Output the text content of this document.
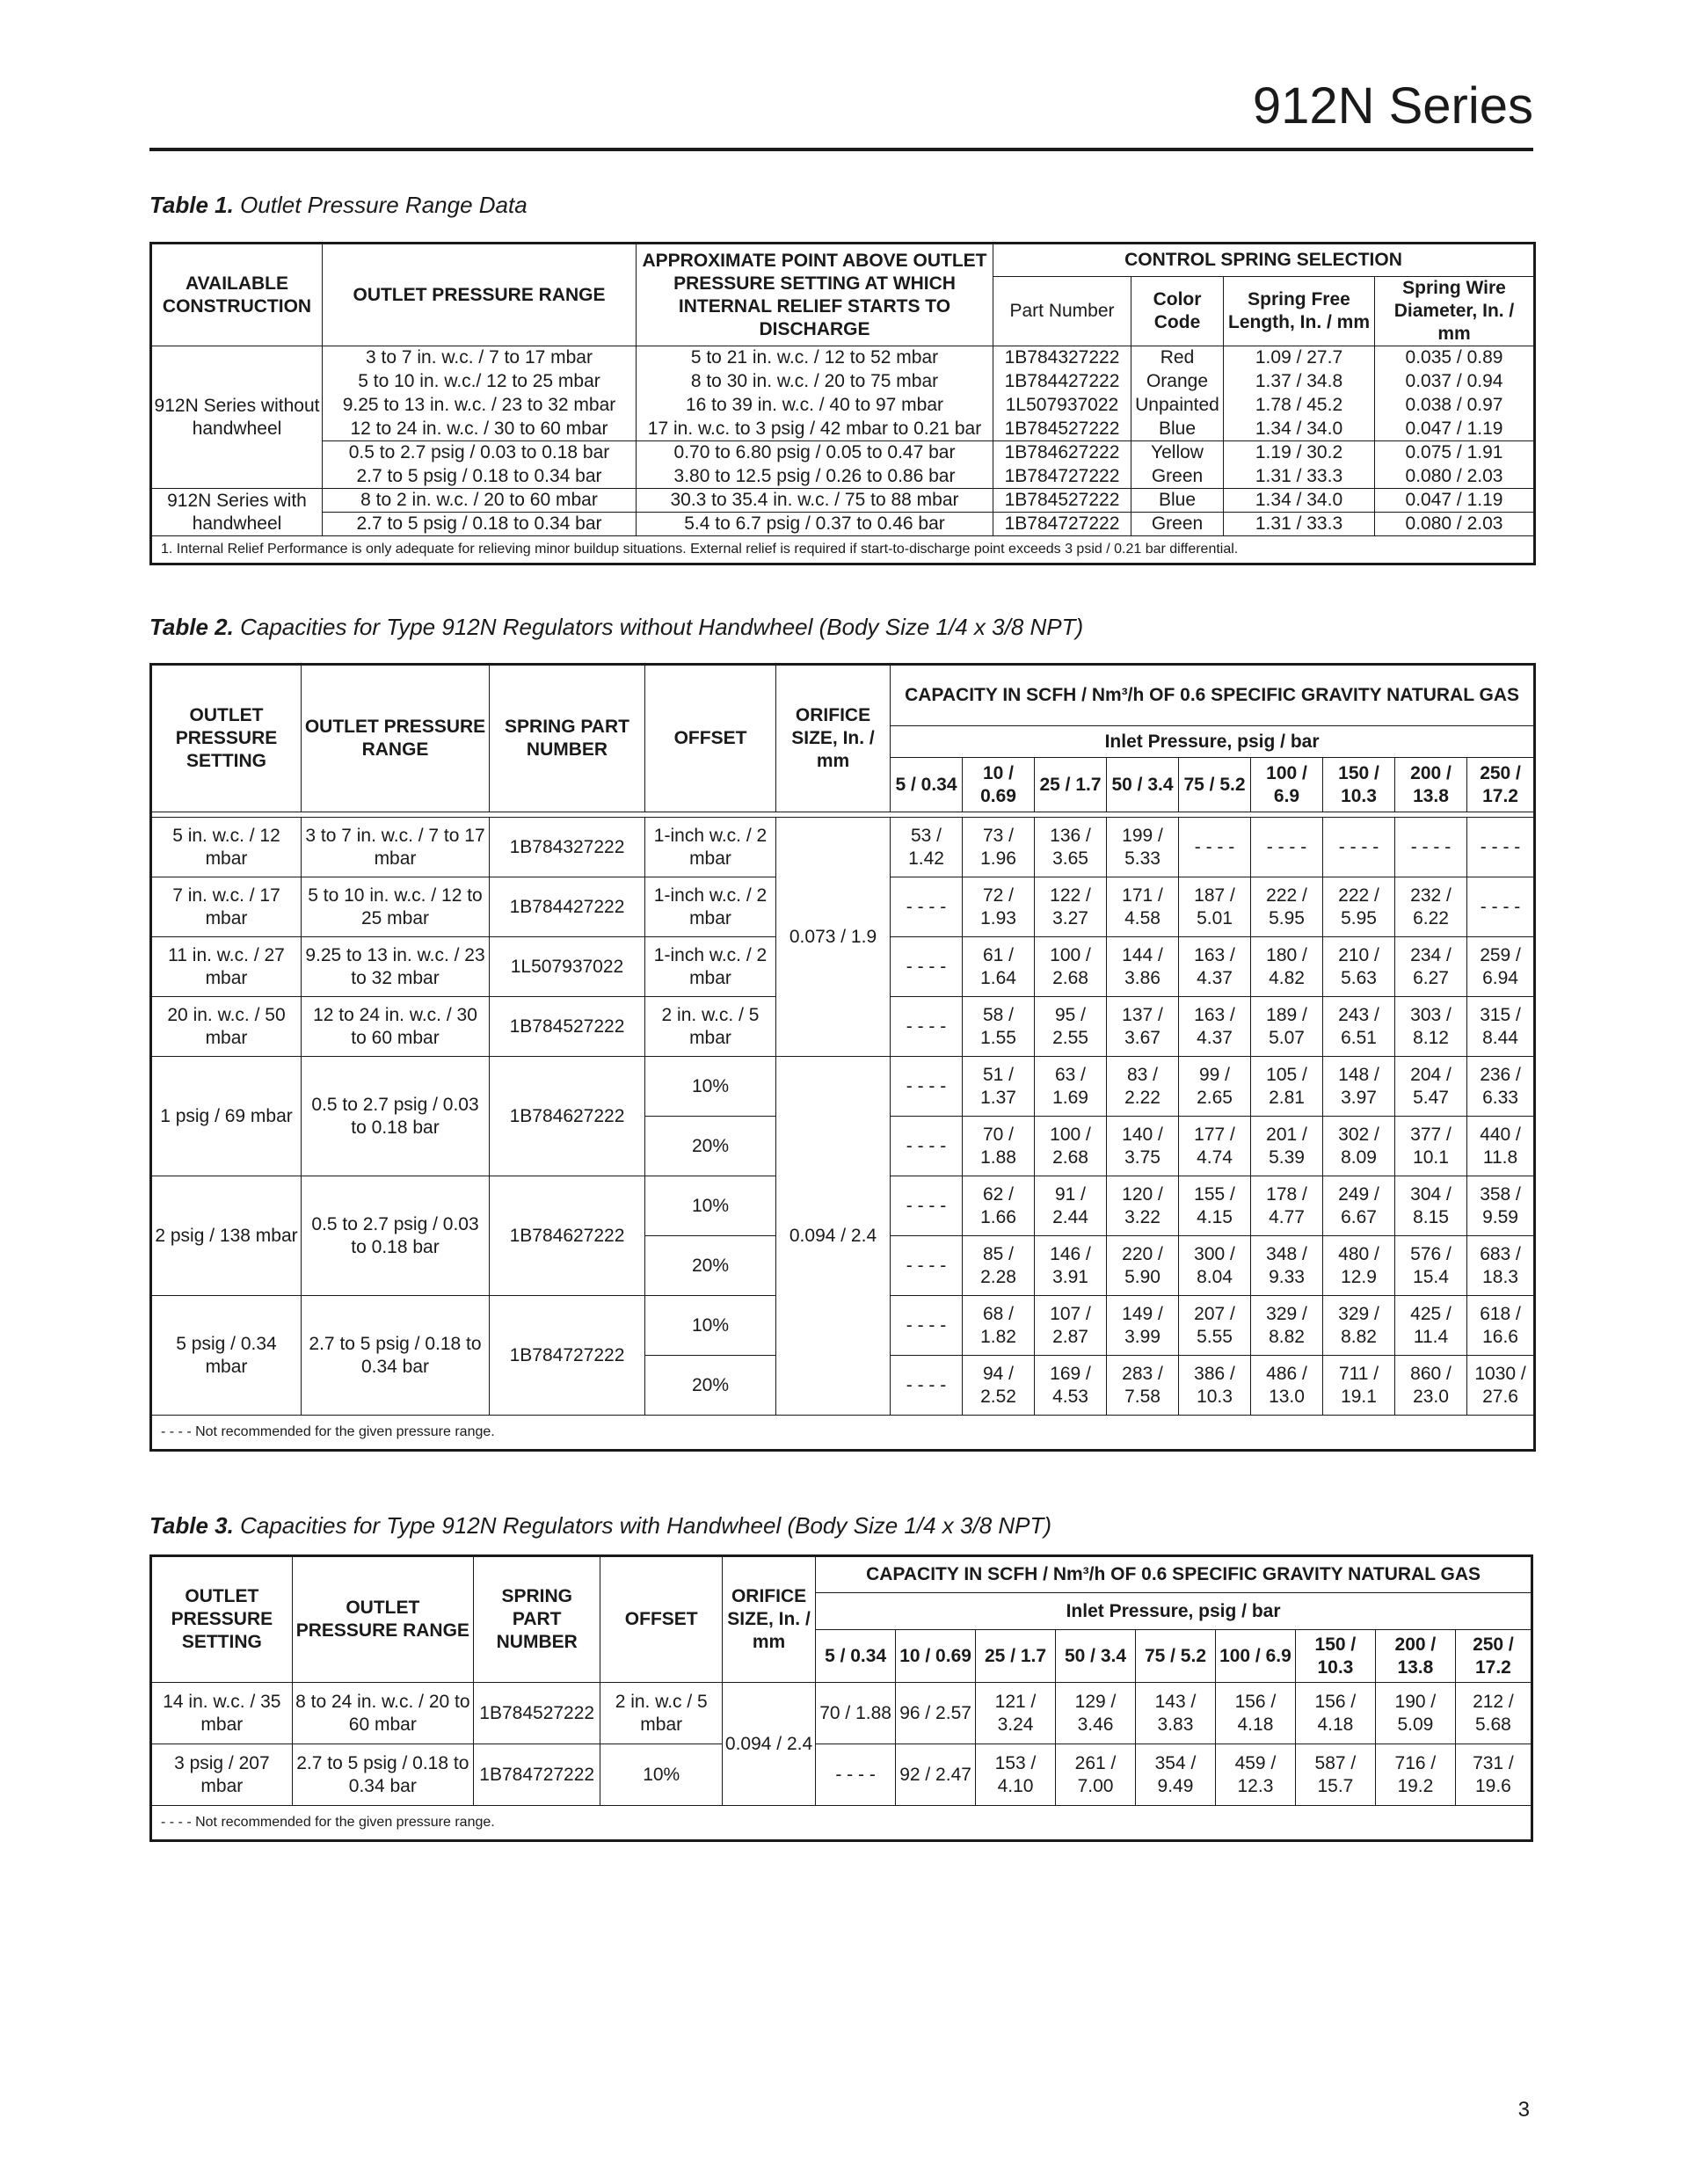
912N Series
Table 1. Outlet Pressure Range Data
AVAILABLE CONSTRUCTION	OUTLET PRESSURE RANGE	APPROXIMATE POINT ABOVE OUTLET PRESSURE SETTING AT WHICH INTERNAL RELIEF STARTS TO DISCHARGE	CONTROL SPRING SELECTION			
			Part Number	Color Code	Spring Free Length, In. / mm	Spring Wire Diameter, In. / mm
912N Series without handwheel	3 to 7 in. w.c. / 7 to 17 mbar	5 to 21 in. w.c. / 12 to 52 mbar	1B784327222	Red	1.09 / 27.7	0.035 / 0.89
	5 to 10 in. w.c./ 12 to 25 mbar	8 to 30 in. w.c. / 20 to 75 mbar	1B784427222	Orange	1.37 / 34.8	0.037 / 0.94
	9.25 to 13 in. w.c. / 23 to 32 mbar	16 to 39 in. w.c. / 40 to 97 mbar	1L507937022	Unpainted	1.78 / 45.2	0.038 / 0.97
	12 to 24 in. w.c. / 30 to 60 mbar	17 in. w.c. to 3 psig / 42 mbar to 0.21 bar	1B784527222	Blue	1.34 / 34.0	0.047 / 1.19
	0.5 to 2.7 psig / 0.03 to 0.18 bar	0.70 to 6.80 psig / 0.05 to 0.47 bar	1B784627222	Yellow	1.19 / 30.2	0.075 / 1.91
	2.7 to 5 psig / 0.18 to 0.34 bar	3.80 to 12.5 psig / 0.26 to 0.86 bar	1B784727222	Green	1.31 / 33.3	0.080 / 2.03
912N Series with handwheel	8 to 2 in. w.c. / 20 to 60 mbar	30.3 to 35.4 in. w.c. / 75 to 88 mbar	1B784527222	Blue	1.34 / 34.0	0.047 / 1.19
	2.7 to 5 psig / 0.18 to 0.34 bar	5.4 to 6.7 psig / 0.37 to 0.46 bar	1B784727222	Green	1.31 / 33.3	0.080 / 2.03
1. Internal Relief Performance is only adequate for relieving minor buildup situations. External relief is required if start-to-discharge point exceeds 3 psid / 0.21 bar differential.						
Table 2. Capacities for Type 912N Regulators without Handwheel (Body Size 1/4 x 3/8 NPT)
OUTLET PRESSURE SETTING	OUTLET PRESSURE RANGE	SPRING PART NUMBER	OFFSET	ORIFICE SIZE, In. / mm	CAPACITY IN SCFH / Nm³/h OF 0.6 SPECIFIC GRAVITY NATURAL GAS								
					Inlet Pressure, psig / bar								
					5 / 0.34	10 / 0.69	25 / 1.7	50 / 3.4	75 / 5.2	100 / 6.9	150 / 10.3	200 / 13.8	250 / 17.2

5 in. w.c. / 12 mbar	3 to 7 in. w.c. / 7 to 17 mbar	1B784327222	1-inch w.c. / 2 mbar	0.073 / 1.9	53 / 1.42	73 / 1.96	136 / 3.65	199 / 5.33	- - - -	- - - -	- - - -	- - - -	- - - -
7 in. w.c. / 17 mbar	5 to 10 in. w.c. / 12 to 25 mbar	1B784427222	1-inch w.c. / 2 mbar		- - - -	72 / 1.93	122 / 3.27	171 / 4.58	187 / 5.01	222 / 5.95	222 / 5.95	232 / 6.22	- - - -
11 in. w.c. / 27 mbar	9.25 to 13 in. w.c. / 23 to 32 mbar	1L507937022	1-inch w.c. / 2 mbar		- - - -	61 / 1.64	100 / 2.68	144 / 3.86	163 / 4.37	180 / 4.82	210 / 5.63	234 / 6.27	259 / 6.94
20 in. w.c. / 50 mbar	12 to 24 in. w.c. / 30 to 60 mbar	1B784527222	2 in. w.c. / 5 mbar		- - - -	58 / 1.55	95 / 2.55	137 / 3.67	163 / 4.37	189 / 5.07	243 / 6.51	303 / 8.12	315 / 8.44
1 psig / 69 mbar	0.5 to 2.7 psig / 0.03 to 0.18 bar	1B784627222	10%	0.094 / 2.4	- - - -	51 / 1.37	63 / 1.69	83 / 2.22	99 / 2.65	105 / 2.81	148 / 3.97	204 / 5.47	236 / 6.33
			20%		- - - -	70 / 1.88	100 / 2.68	140 / 3.75	177 / 4.74	201 / 5.39	302 / 8.09	377 / 10.1	440 / 11.8
2 psig / 138 mbar	0.5 to 2.7 psig / 0.03 to 0.18 bar	1B784627222	10%		- - - -	62 / 1.66	91 / 2.44	120 / 3.22	155 / 4.15	178 / 4.77	249 / 6.67	304 / 8.15	358 / 9.59
			20%		- - - -	85 / 2.28	146 / 3.91	220 / 5.90	300 / 8.04	348 / 9.33	480 / 12.9	576 / 15.4	683 / 18.3
5 psig / 0.34 mbar	2.7 to 5 psig / 0.18 to 0.34 bar	1B784727222	10%		- - - -	68 / 1.82	107 / 2.87	149 / 3.99	207 / 5.55	329 / 8.82	329 / 8.82	425 / 11.4	618 / 16.6
			20%		- - - -	94 / 2.52	169 / 4.53	283 / 7.58	386 / 10.3	486 / 13.0	711 / 19.1	860 / 23.0	1030 / 27.6
- - - - Not recommended for the given pressure range.													
Table 3. Capacities for Type 912N Regulators with Handwheel (Body Size 1/4 x 3/8 NPT)
OUTLET PRESSURE SETTING	OUTLET PRESSURE RANGE	SPRING PART NUMBER	OFFSET	ORIFICE SIZE, In. / mm	CAPACITY IN SCFH / Nm³/h OF 0.6 SPECIFIC GRAVITY NATURAL GAS								
					Inlet Pressure, psig / bar								
					5 / 0.34	10 / 0.69	25 / 1.7	50 / 3.4	75 / 5.2	100 / 6.9	150 / 10.3	200 / 13.8	250 / 17.2
14 in. w.c. / 35 mbar	8 to 24 in. w.c. / 20 to 60 mbar	1B784527222	2 in. w.c / 5 mbar	0.094 / 2.4	70 / 1.88	96 / 2.57	121 / 3.24	129 / 3.46	143 / 3.83	156 / 4.18	156 / 4.18	190 / 5.09	212 / 5.68
3 psig / 207 mbar	2.7 to 5 psig / 0.18 to 0.34 bar	1B784727222	10%		- - - -	92 / 2.47	153 / 4.10	261 / 7.00	354 / 9.49	459 / 12.3	587 / 15.7	716 / 19.2	731 / 19.6
- - - - Not recommended for the given pressure range.													
3
